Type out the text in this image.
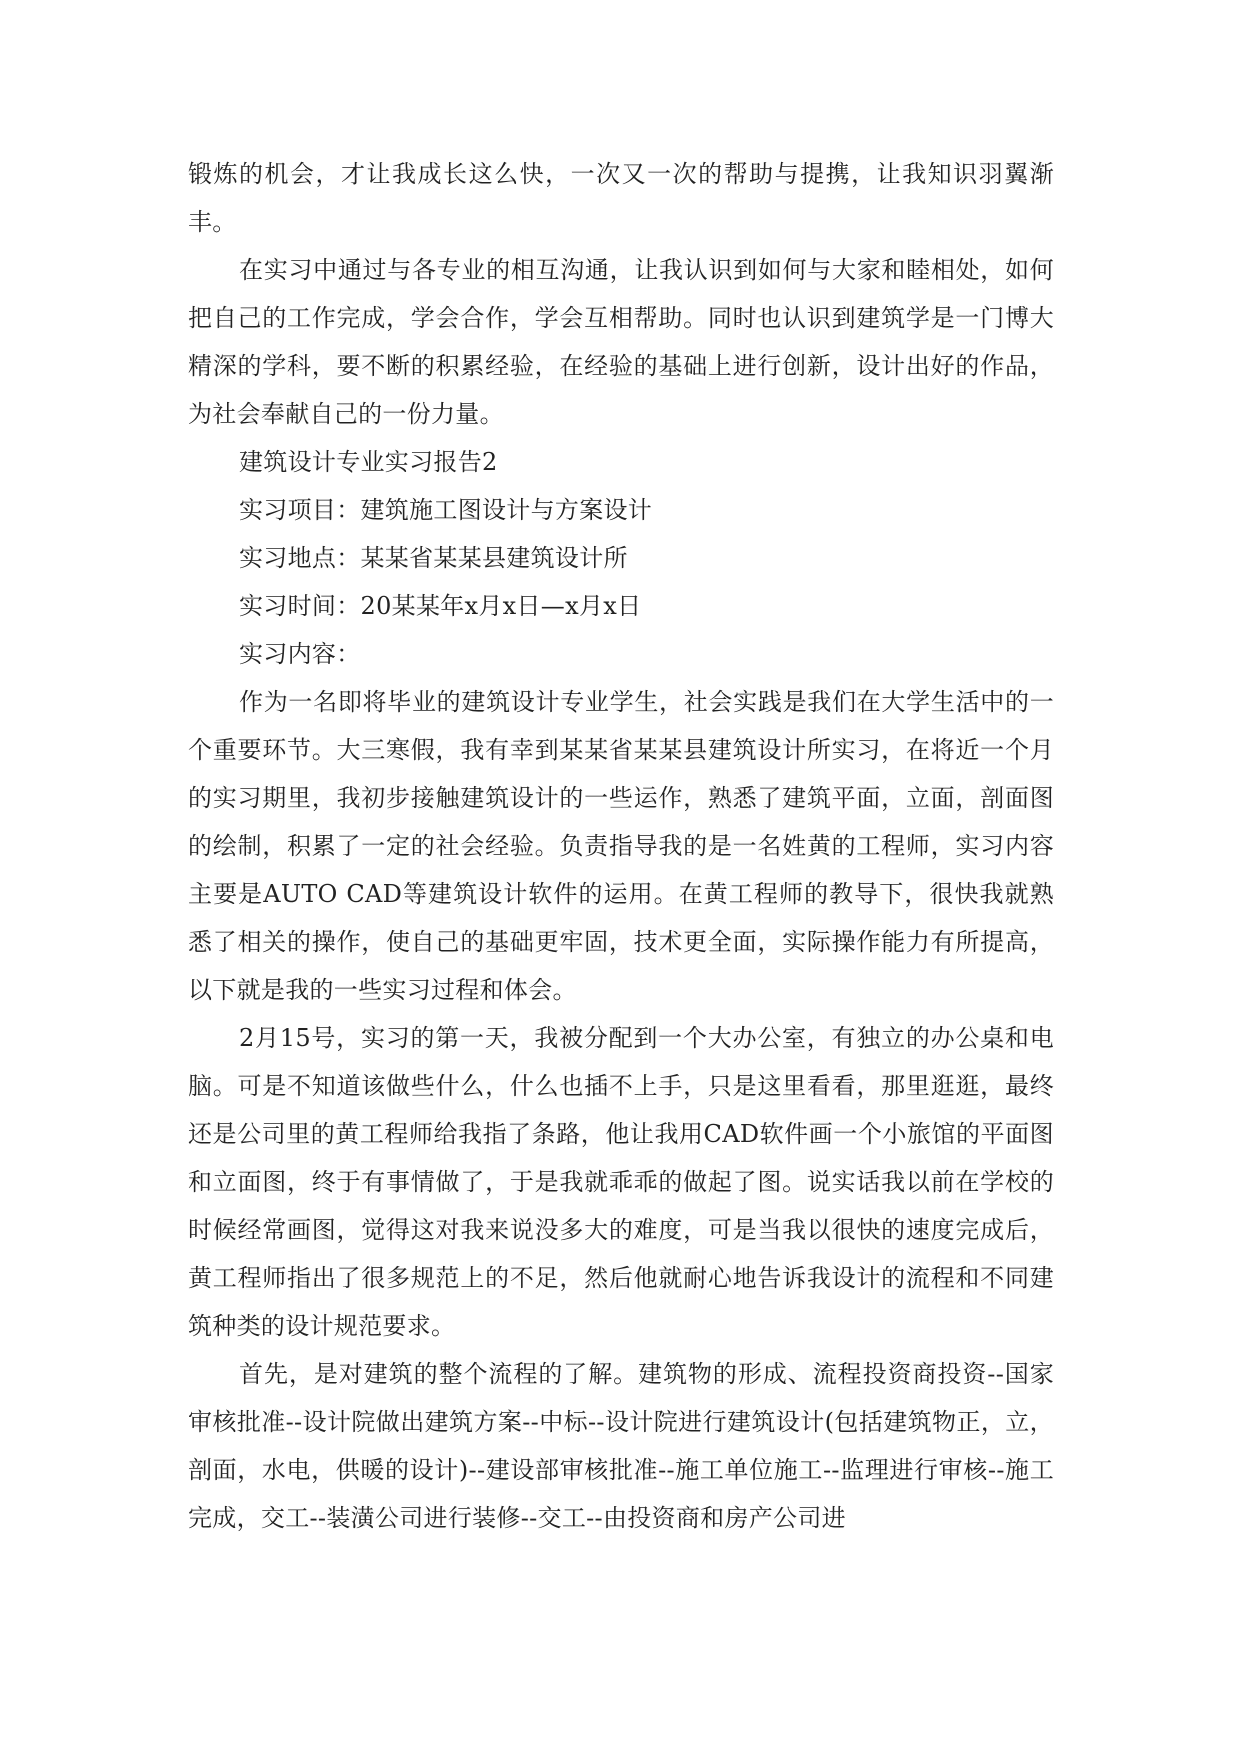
锻炼的机会，才让我成长这么快，一次又一次的帮助与提携，让我知识羽翼渐丰。

在实习中通过与各专业的相互沟通，让我认识到如何与大家和睦相处，如何把自己的工作完成，学会合作，学会互相帮助。同时也认识到建筑学是一门博大精深的学科，要不断的积累经验，在经验的基础上进行创新，设计出好的作品，为社会奉献自己的一份力量。

建筑设计专业实习报告2

实习项目：建筑施工图设计与方案设计

实习地点：某某省某某县建筑设计所

实习时间：20某某年x月x日—x月x日

实习内容：

作为一名即将毕业的建筑设计专业学生，社会实践是我们在大学生活中的一个重要环节。大三寒假，我有幸到某某省某某县建筑设计所实习，在将近一个月的实习期里，我初步接触建筑设计的一些运作，熟悉了建筑平面，立面，剖面图的绘制，积累了一定的社会经验。负责指导我的是一名姓黄的工程师，实习内容主要是AUTO CAD等建筑设计软件的运用。在黄工程师的教导下，很快我就熟悉了相关的操作，使自己的基础更牢固，技术更全面，实际操作能力有所提高，以下就是我的一些实习过程和体会。

2月15号，实习的第一天，我被分配到一个大办公室，有独立的办公桌和电脑。可是不知道该做些什么，什么也插不上手，只是这里看看，那里逛逛，最终还是公司里的黄工程师给我指了条路，他让我用CAD软件画一个小旅馆的平面图和立面图，终于有事情做了，于是我就乖乖的做起了图。说实话我以前在学校的时候经常画图，觉得这对我来说没多大的难度，可是当我以很快的速度完成后，黄工程师指出了很多规范上的不足，然后他就耐心地告诉我设计的流程和不同建筑种类的设计规范要求。

首先，是对建筑的整个流程的了解。建筑物的形成、流程投资商投资--国家审核批准--设计院做出建筑方案--中标--设计院进行建筑设计(包括建筑物正，立，剖面，水电，供暖的设计)--建设部审核批准--施工单位施工--监理进行审核--施工完成，交工--装潢公司进行装修--交工--由投资商和房产公司进
